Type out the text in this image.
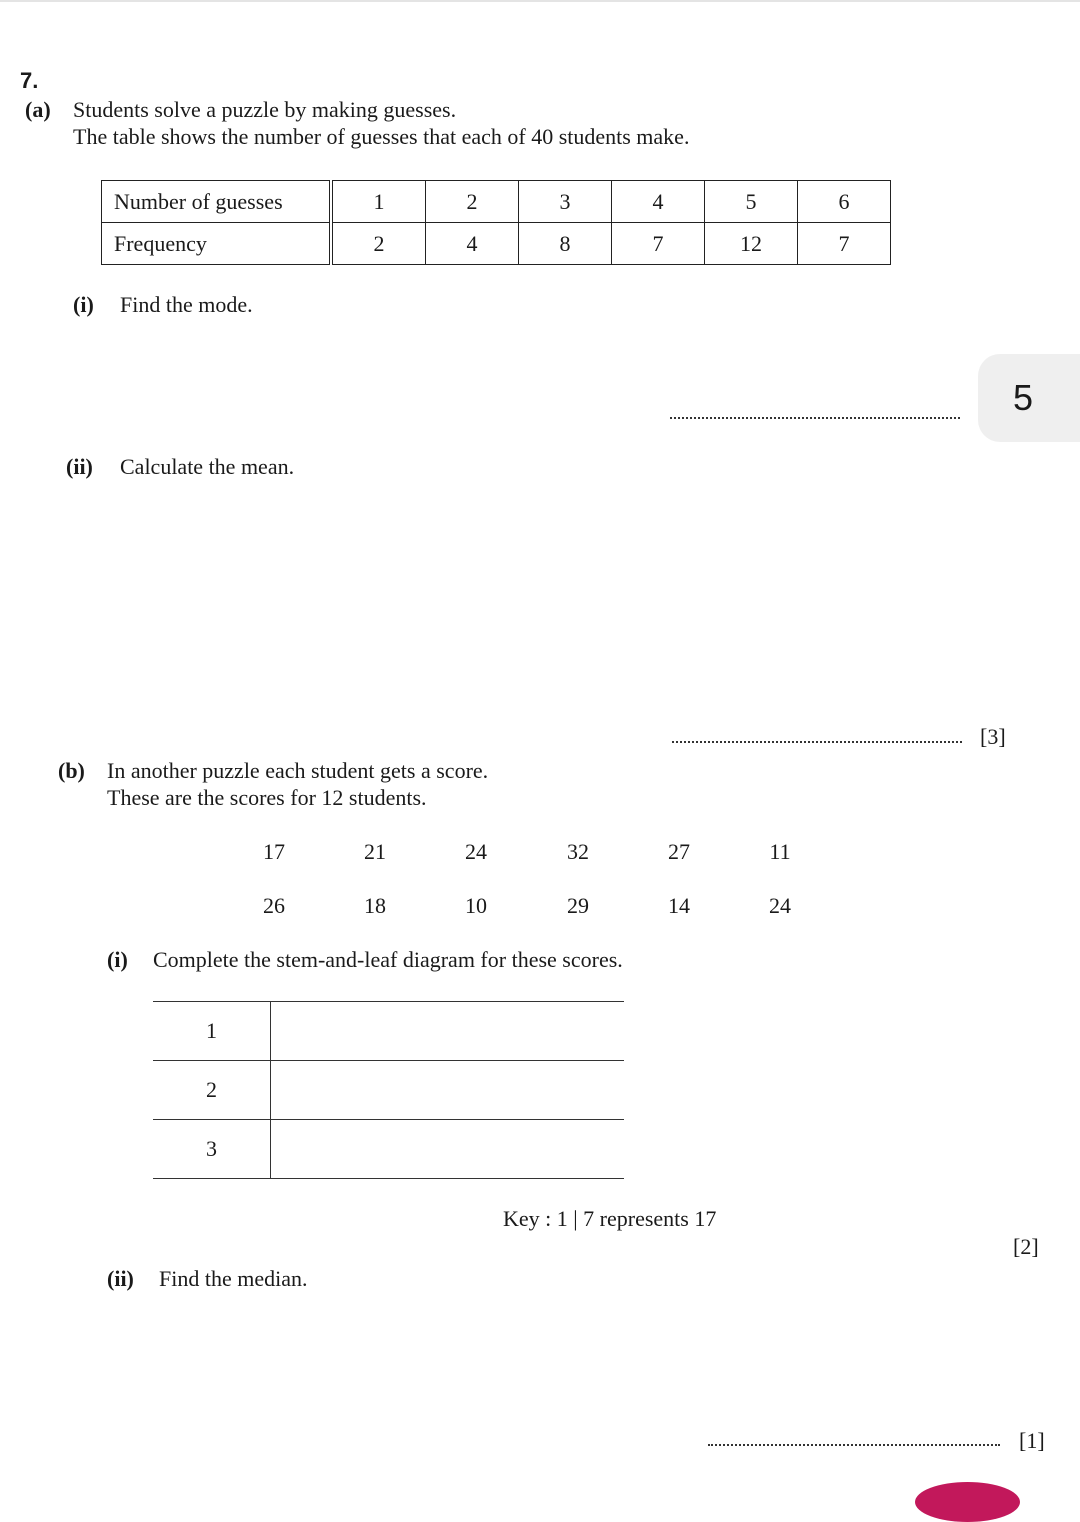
7.
(a) Students solve a puzzle by making guesses.
The table shows the number of guesses that each of 40 students make.
Number of guesses	1	2	3	4	5	6
Frequency	2	4	8	7	12	7
(i) Find the mode.
5
(ii) Calculate the mean.
[3]
(b) In another puzzle each student gets a score.
These are the scores for 12 students.
17	21	24	32	27	11
26	18	10	29	14	24
(i) Complete the stem-and-leaf diagram for these scores.
1
2
3
Key : 1 | 7 represents 17
[2]
(ii) Find the median.
[1]
